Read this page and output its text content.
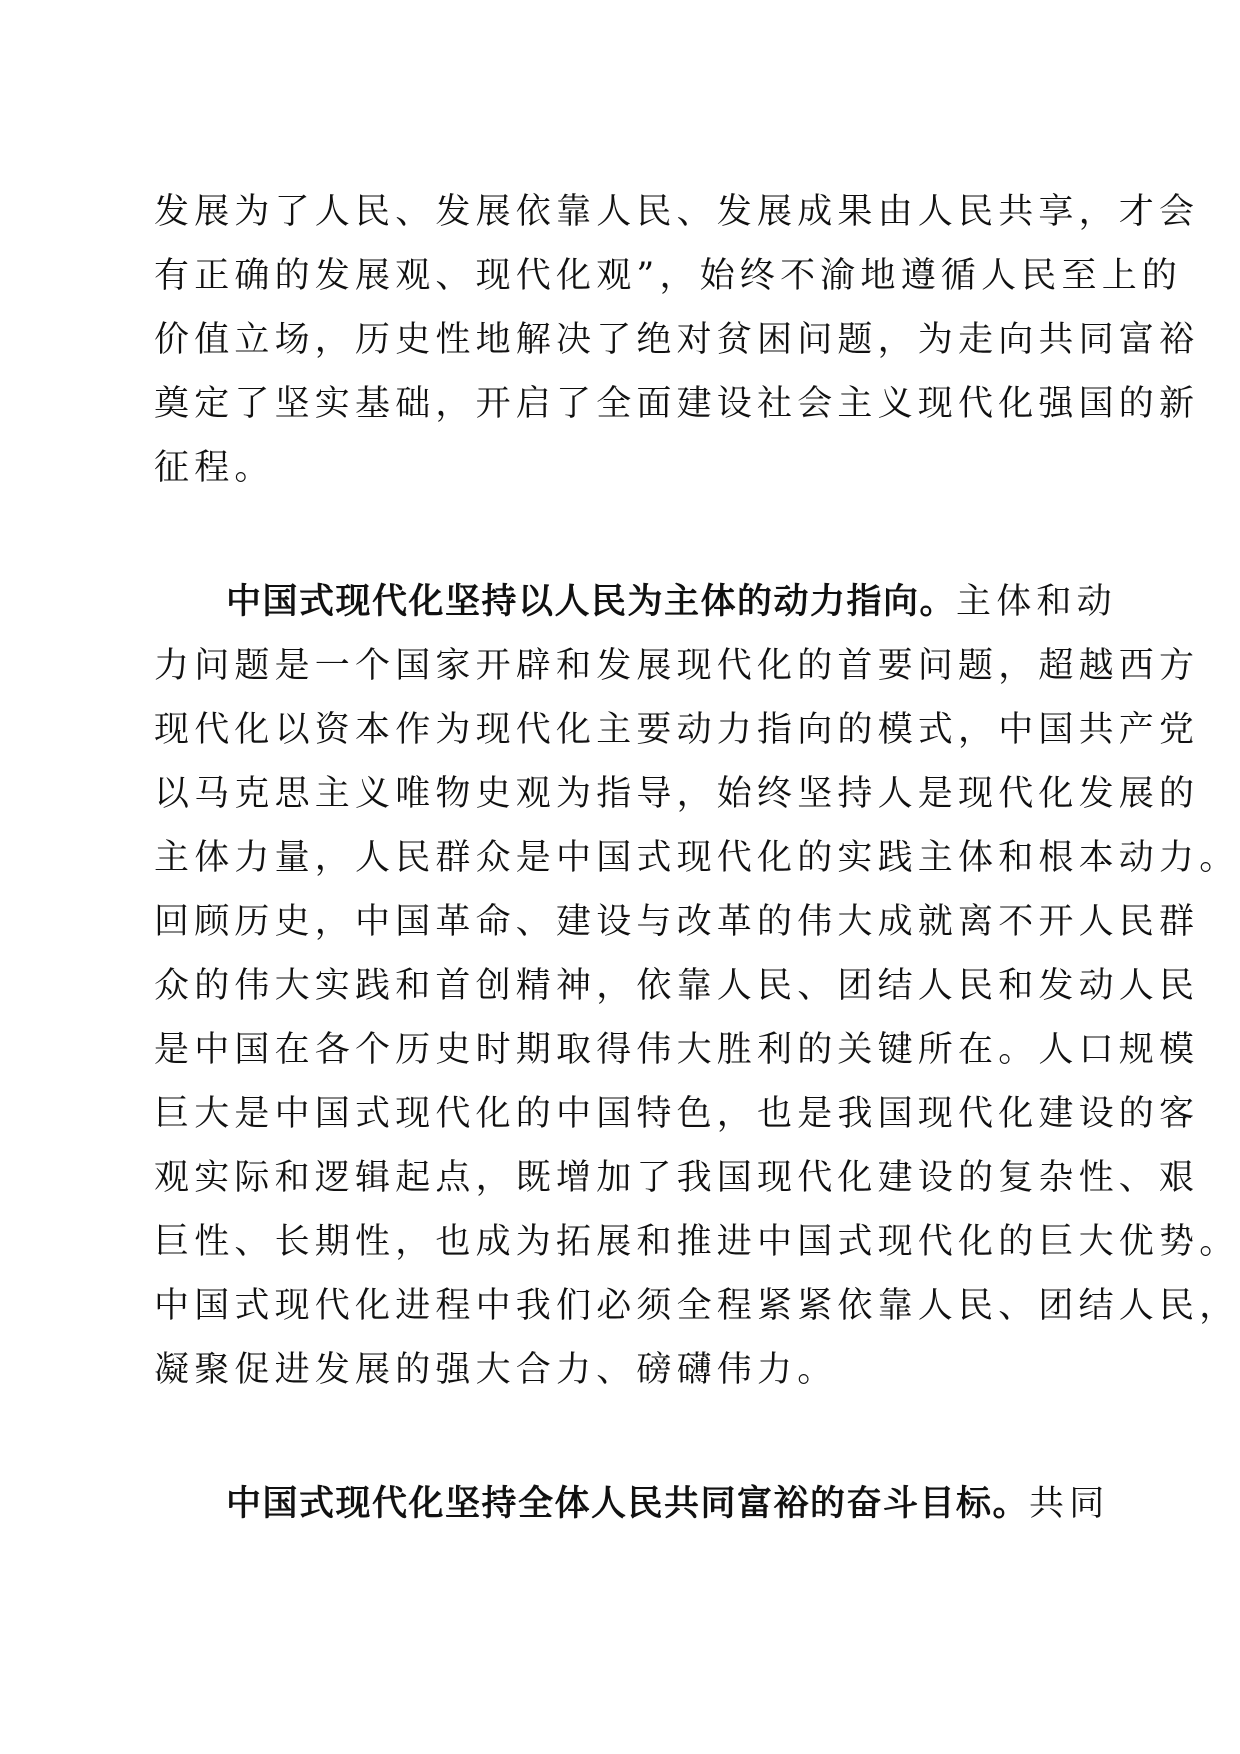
发展为了人民、发展依靠人民、发展成果由人民共享，才会
有正确的发展观、现代化观”，始终不渝地遵循人民至上的
价值立场，历史性地解决了绝对贫困问题，为走向共同富裕
奠定了坚实基础，开启了全面建设社会主义现代化强国的新
征程。
中国式现代化坚持以人民为主体的动力指向。主体和动
力问题是一个国家开辟和发展现代化的首要问题，超越西方
现代化以资本作为现代化主要动力指向的模式，中国共产党
以马克思主义唯物史观为指导，始终坚持人是现代化发展的
主体力量，人民群众是中国式现代化的实践主体和根本动力。
回顾历史，中国革命、建设与改革的伟大成就离不开人民群
众的伟大实践和首创精神，依靠人民、团结人民和发动人民
是中国在各个历史时期取得伟大胜利的关键所在。人口规模
巨大是中国式现代化的中国特色，也是我国现代化建设的客
观实际和逻辑起点，既增加了我国现代化建设的复杂性、艰
巨性、长期性，也成为拓展和推进中国式现代化的巨大优势。
中国式现代化进程中我们必须全程紧紧依靠人民、团结人民，
凝聚促进发展的强大合力、磅礴伟力。
中国式现代化坚持全体人民共同富裕的奋斗目标。共同
